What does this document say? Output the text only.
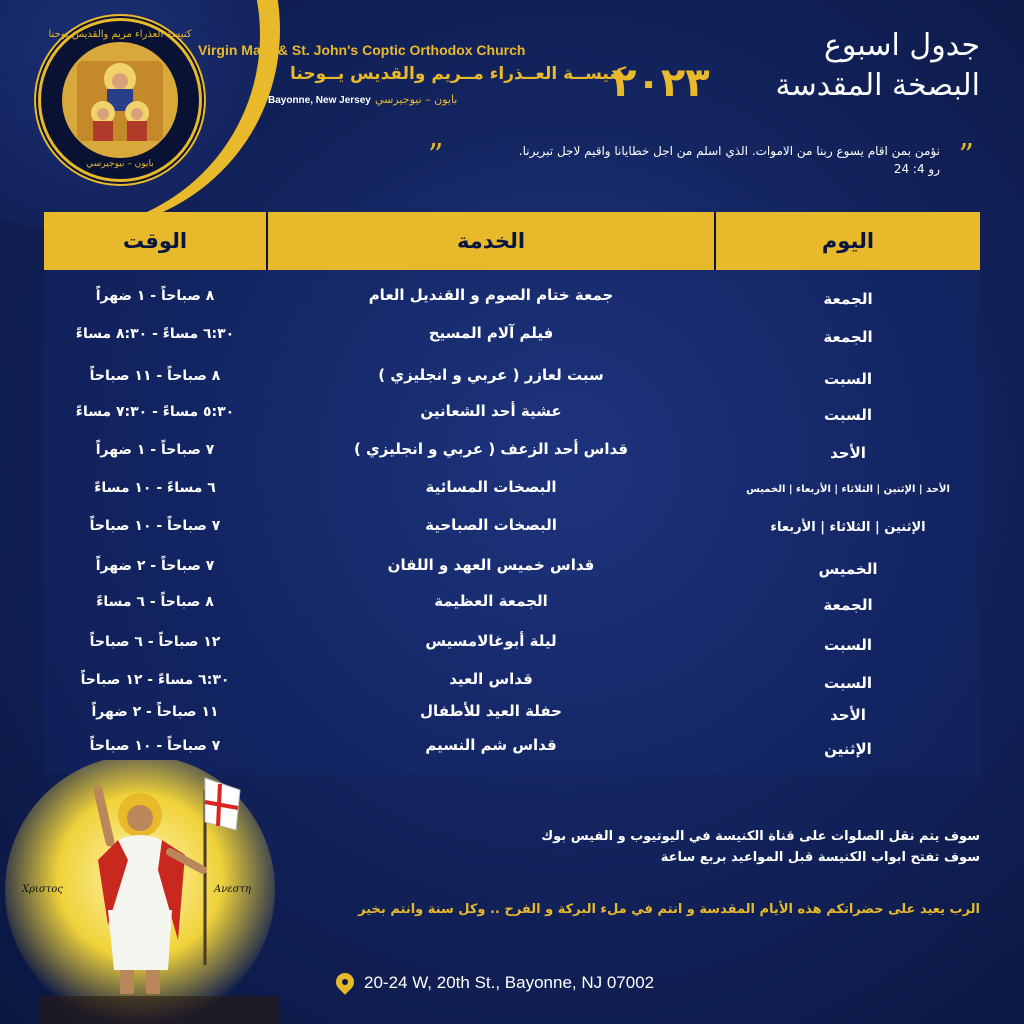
كنيسة العذراء مريم والقديس يوحنا
بايون – نيوجيرسي
Virgin Mary & St. John's Coptic Orthodox Church
كنيســة العــذراء مــريم والقديس يــوحنا
Bayonne, New Jersey بايون – نيوجيرسي
جدول اسبوع
البصخة المقدسة
٢٠٢٣
”
”	نؤمن بمن اقام يسوع ربنا من الاموات. الذي اسلم من اجل خطايانا واقيم لاجل تبريرنا.
رو 4: 24
الوقت	الخدمة	اليوم
٨ صباحاً - ١ ضهراً	جمعة ختام الصوم و القنديل العام	الجمعة
٦:٣٠ مساءً - ٨:٣٠ مساءً	فيلم آلام المسيح	الجمعة
٨ صباحاً - ١١ صباحاً	سبت لعازر ( عربي و انجليزي )	السبت
٥:٣٠ مساءً - ٧:٣٠ مساءً	عشية أحد الشعانين	السبت
٧ صباحاً - ١ ضهراً	قداس أحد الزعف ( عربي و انجليزي )	الأحد
٦ مساءً - ١٠ مساءً	البصخات المسائية	الأحد | الإثنين | الثلاثاء | الأربعاء | الخميس
٧ صباحاً - ١٠ صباحاً	البصخات الصباحية	الإثنين | الثلاثاء | الأربعاء
٧ صباحاً - ٢ ضهراً	قداس خميس العهد و اللقان	الخميس
٨ صباحاً - ٦ مساءً	الجمعة العظيمة	الجمعة
١٢ صباحاً - ٦ صباحاً	ليلة أبوغالامسيس	السبت
٦:٣٠ مساءً - ١٢ صباحاً	قداس العيد	السبت
١١ صباحاً - ٢ ضهراً	حفلة العيد للأطفال	الأحد
٧ صباحاً - ١٠ صباحاً	قداس شم النسيم	الإثنين
Χριστος	Ανεστη
سوف يتم نقل الصلوات على قناة الكنيسة في اليوتيوب و الفيس بوك
سوف تفتح ابواب الكنيسة قبل المواعيد بربع ساعة
الرب يعيد على حضراتكم هذه الأيام المقدسة و انتم في ملء البركة و الفرح .. وكل سنة وانتم بخير
20-24 W, 20th St., Bayonne, NJ 07002
